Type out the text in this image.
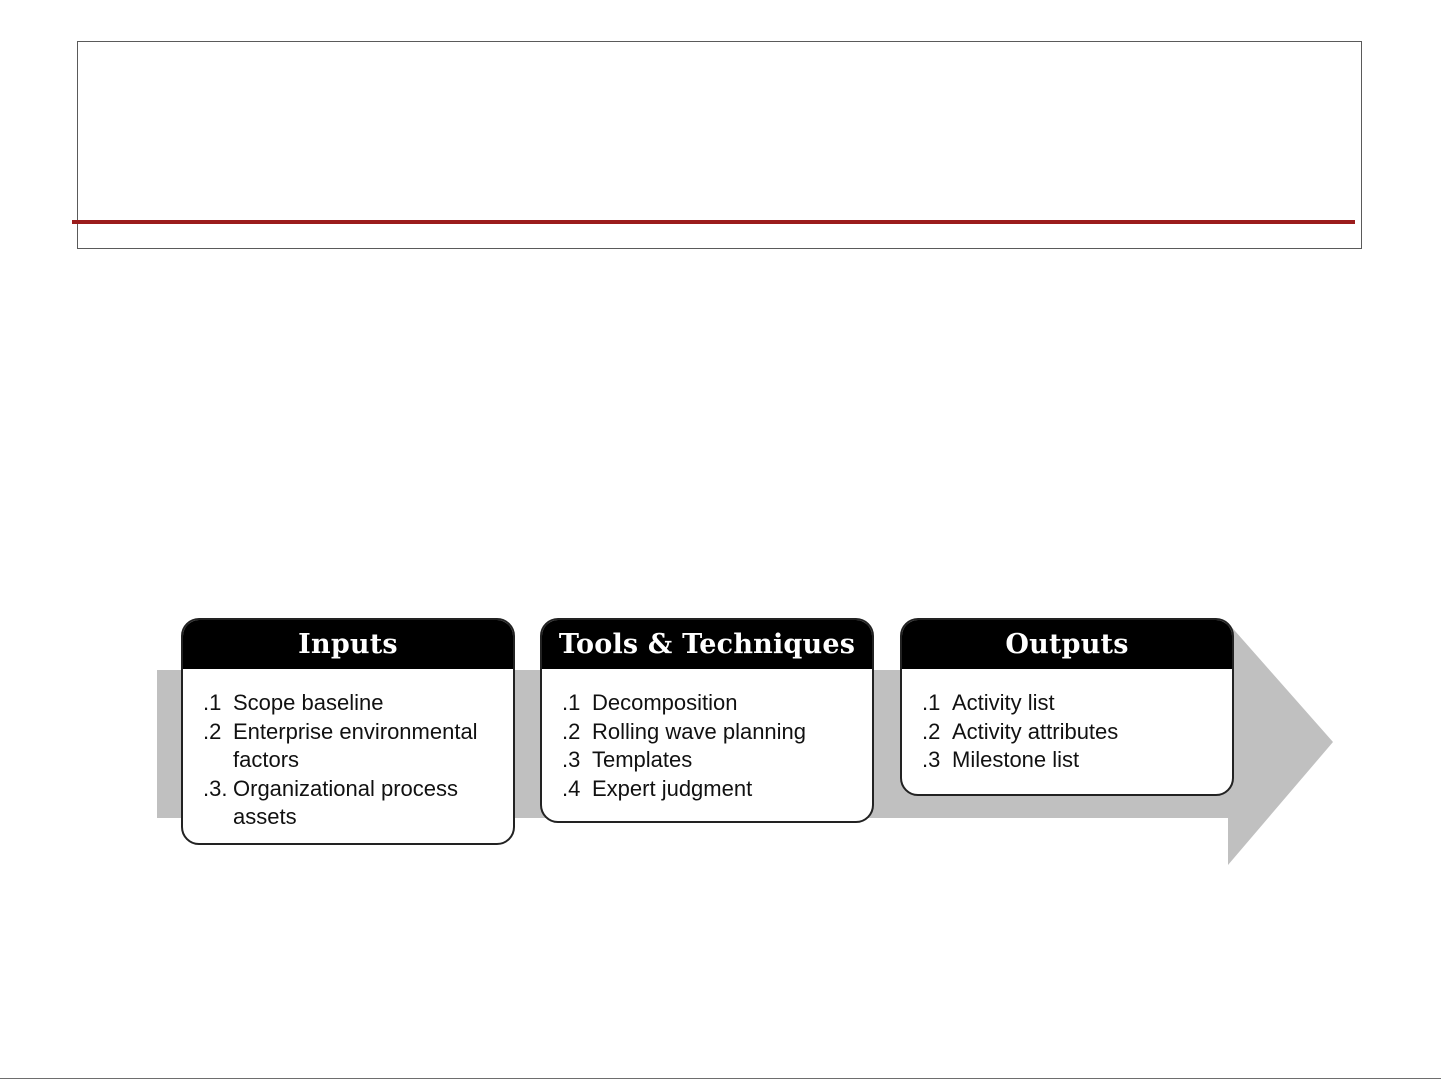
Inputs
.1 Scope baseline
.2 Enterprise environmental factors
.3. Organizational process assets
Tools & Techniques
.1 Decomposition
.2 Rolling wave planning
.3 Templates
.4 Expert judgment
Outputs
.1 Activity list
.2 Activity attributes
.3 Milestone list
